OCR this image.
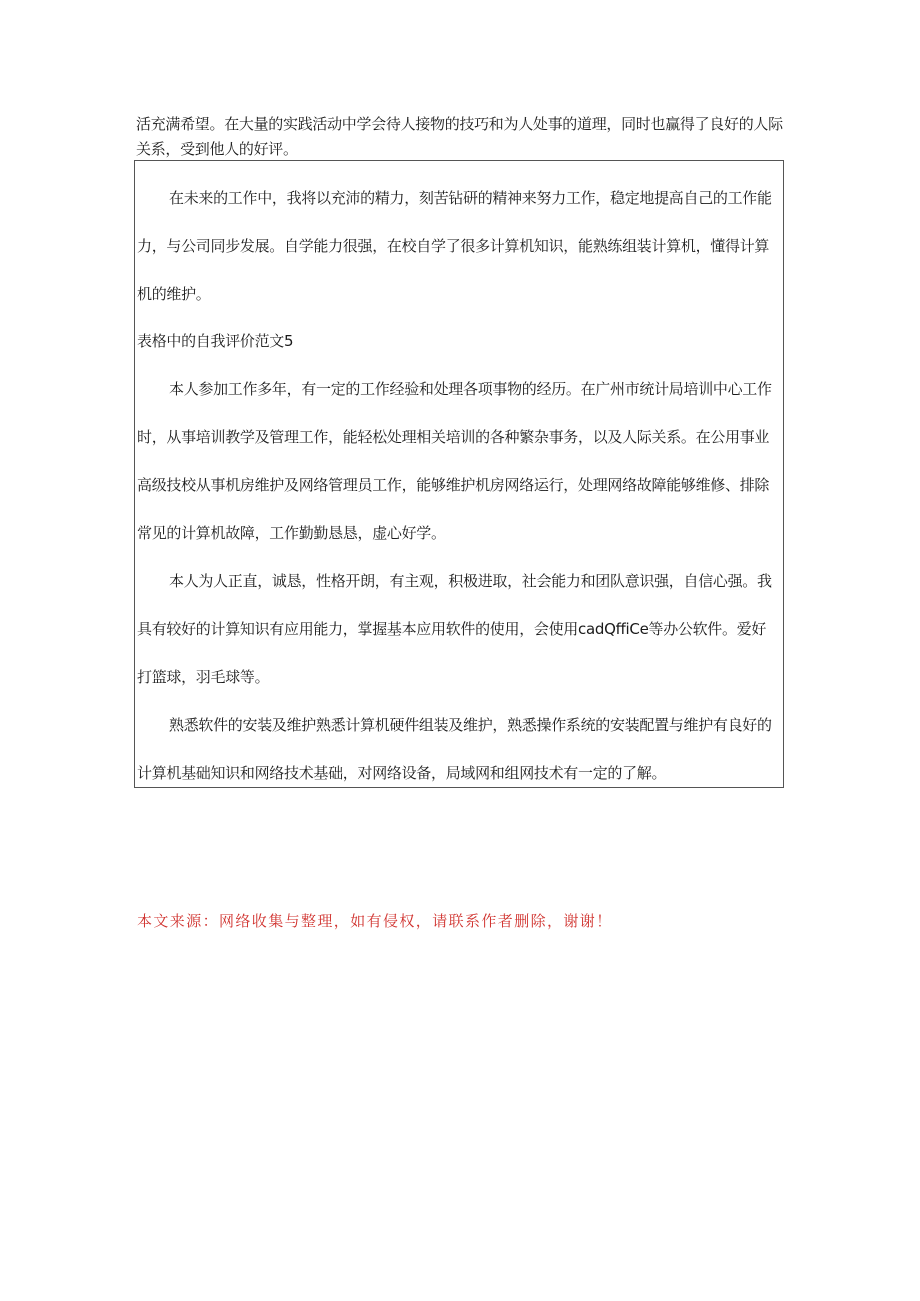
活充满希望。在大量的实践活动中学会待人接物的技巧和为人处事的道理，同时也赢得了良好的人际关系，受到他人的好评。

在未来的工作中，我将以充沛的精力，刻苦钻研的精神来努力工作，稳定地提高自己的工作能力，与公司同步发展。自学能力很强，在校自学了很多计算机知识，能熟练组装计算机，懂得计算机的维护。

表格中的自我评价范文5

本人参加工作多年，有一定的工作经验和处理各项事物的经历。在广州市统计局培训中心工作时，从事培训教学及管理工作，能轻松处理相关培训的各种繁杂事务，以及人际关系。在公用事业高级技校从事机房维护及网络管理员工作，能够维护机房网络运行，处理网络故障能够维修、排除常见的计算机故障，工作勤勤恳恳，虚心好学。

本人为人正直，诚恳，性格开朗，有主观，积极进取，社会能力和团队意识强，自信心强。我具有较好的计算知识有应用能力，掌握基本应用软件的使用，会使用cadQffiCe等办公软件。爱好打篮球，羽毛球等。

熟悉软件的安装及维护熟悉计算机硬件组装及维护，熟悉操作系统的安装配置与维护有良好的计算机基础知识和网络技术基础，对网络设备，局域网和组网技术有一定的了解。

本文来源：网络收集与整理，如有侵权，请联系作者删除，谢谢！
